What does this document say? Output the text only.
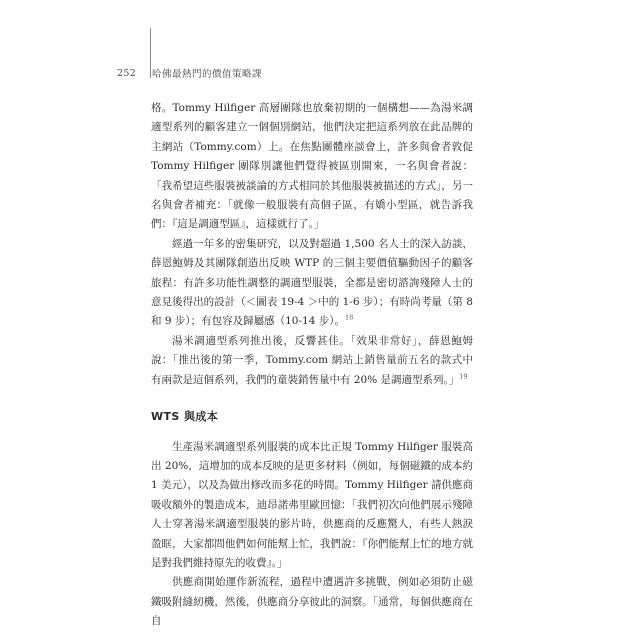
252 哈佛最熱門的價值策略課

格。Tommy Hilfiger 高層團隊也放棄初期的一個構想——為湯米調適型系列的顧客建立一個個別網站，他們決定把這系列放在此品牌的主網站（Tommy.com）上。在焦點團體座談會上，許多與會者敦促 Tommy Hilfiger 團隊別讓他們覺得被區別開來，一名與會者說：「我希望這些服裝被談論的方式相同於其他服裝被描述的方式」，另一名與會者補充：「就像一般服裝有高個子區，有嬌小型區，就告訴我們：『這是調適型區』，這樣就行了。」

經過一年多的密集研究，以及對超過 1,500 名人士的深入訪談，薛恩鮑姆及其團隊創造出反映 WTP 的三個主要價值驅動因子的顧客旅程：有許多功能性調整的調適型服裝，全都是密切諮詢殘障人士的意見後得出的設計（＜圖表 19-4 ＞中的 1-6 步）；有時尚考量（第 8 和 9 步）；有包容及歸屬感（10-14 步）。$^{18}$

湯米調適型系列推出後，反響甚佳。「效果非常好」，薛恩鮑姆說：「推出後的第一季，Tommy.com 網站上銷售量前五名的款式中有兩款是這個系列，我們的童裝銷售量中有 20% 是調適型系列。」$^{19}$

WTS 與成本

生產湯米調適型系列服裝的成本比正規 Tommy Hilfiger 服裝高出 20%，這增加的成本反映的是更多材料（例如，每個磁鐵的成本約 1 美元），以及為做出修改而多花的時間。Tommy Hilfiger 請供應商吸收額外的製造成本，迪昂諾弗里歐回憶：「我們初次向他們展示殘障人士穿著湯米調適型服裝的影片時，供應商的反應驚人，有些人熱淚盈眶，大家都問他們如何能幫上忙，我們說：『你們能幫上忙的地方就是對我們維持原先的收費』。」

供應商開始運作新流程，過程中遭遇許多挑戰，例如必須防止磁鐵吸附縫紉機，然後，供應商分享彼此的洞察。「通常，每個供應商在自
